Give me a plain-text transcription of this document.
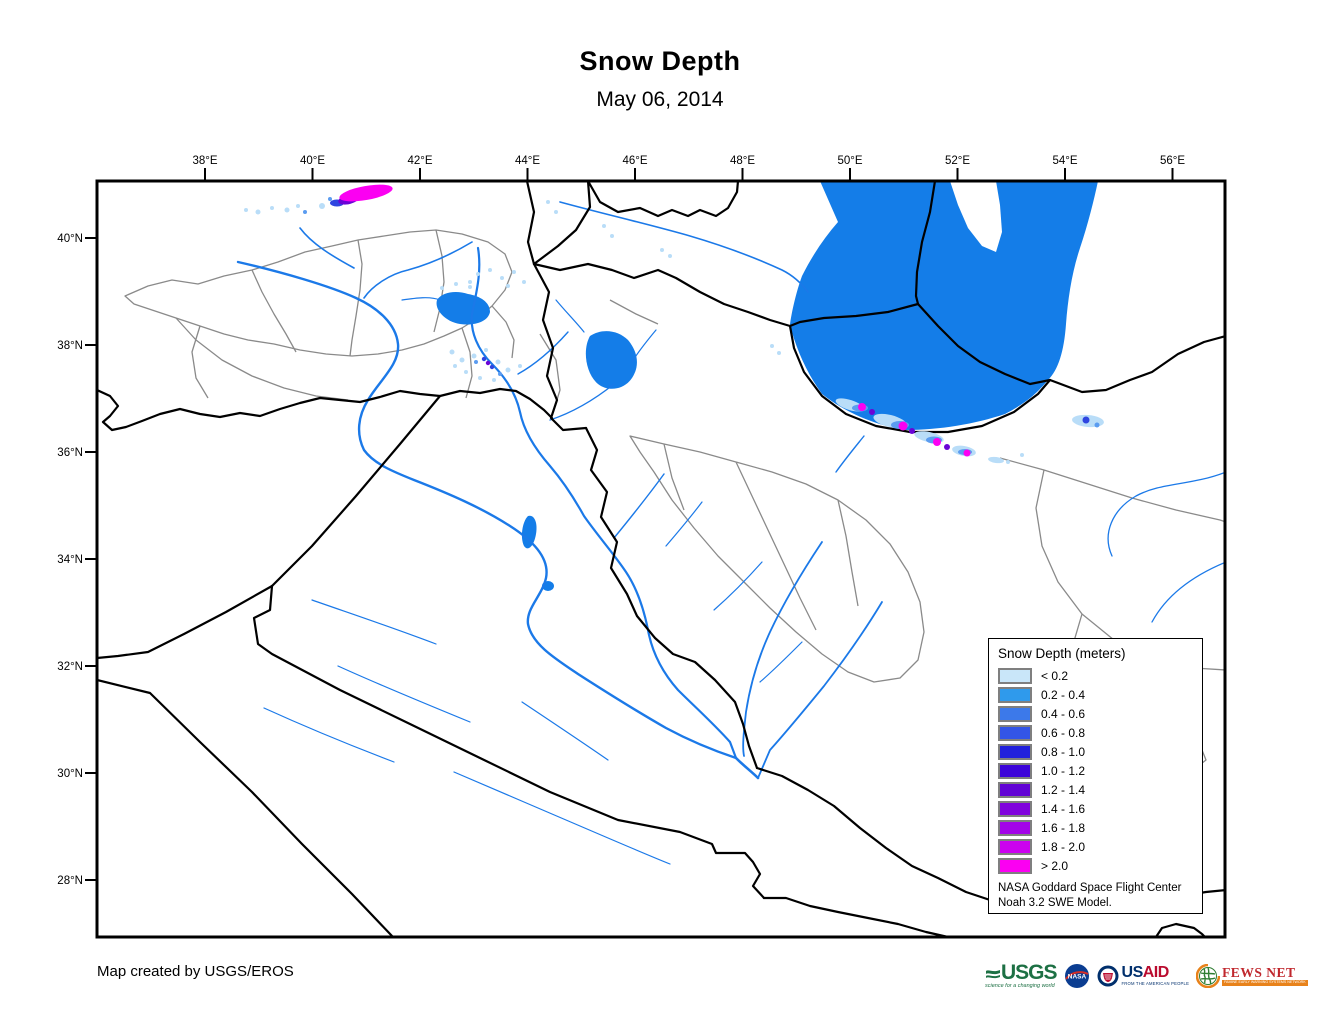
Snow Depth
May 06, 2014
38°E	40°E	42°E	44°E	46°E	48°E	50°E	52°E	54°E	56°E
40°N
38°N
36°N
34°N
32°N
30°N
28°N
Snow Depth (meters)
< 0.2
0.2 - 0.4
0.4 - 0.6
0.6 - 0.8
0.8 - 1.0
1.0 - 1.2
1.2 - 1.4
1.4 - 1.6
1.6 - 1.8
1.8 - 2.0
> 2.0
NASA Goddard Space Flight Center
Noah 3.2 SWE Model.
Map created by USGS/EROS	USGS
science for a changing world
NASA USAID
FROM THE AMERICAN PEOPLE
FEWS NET
FAMINE EARLY WARNING SYSTEMS NETWORK
